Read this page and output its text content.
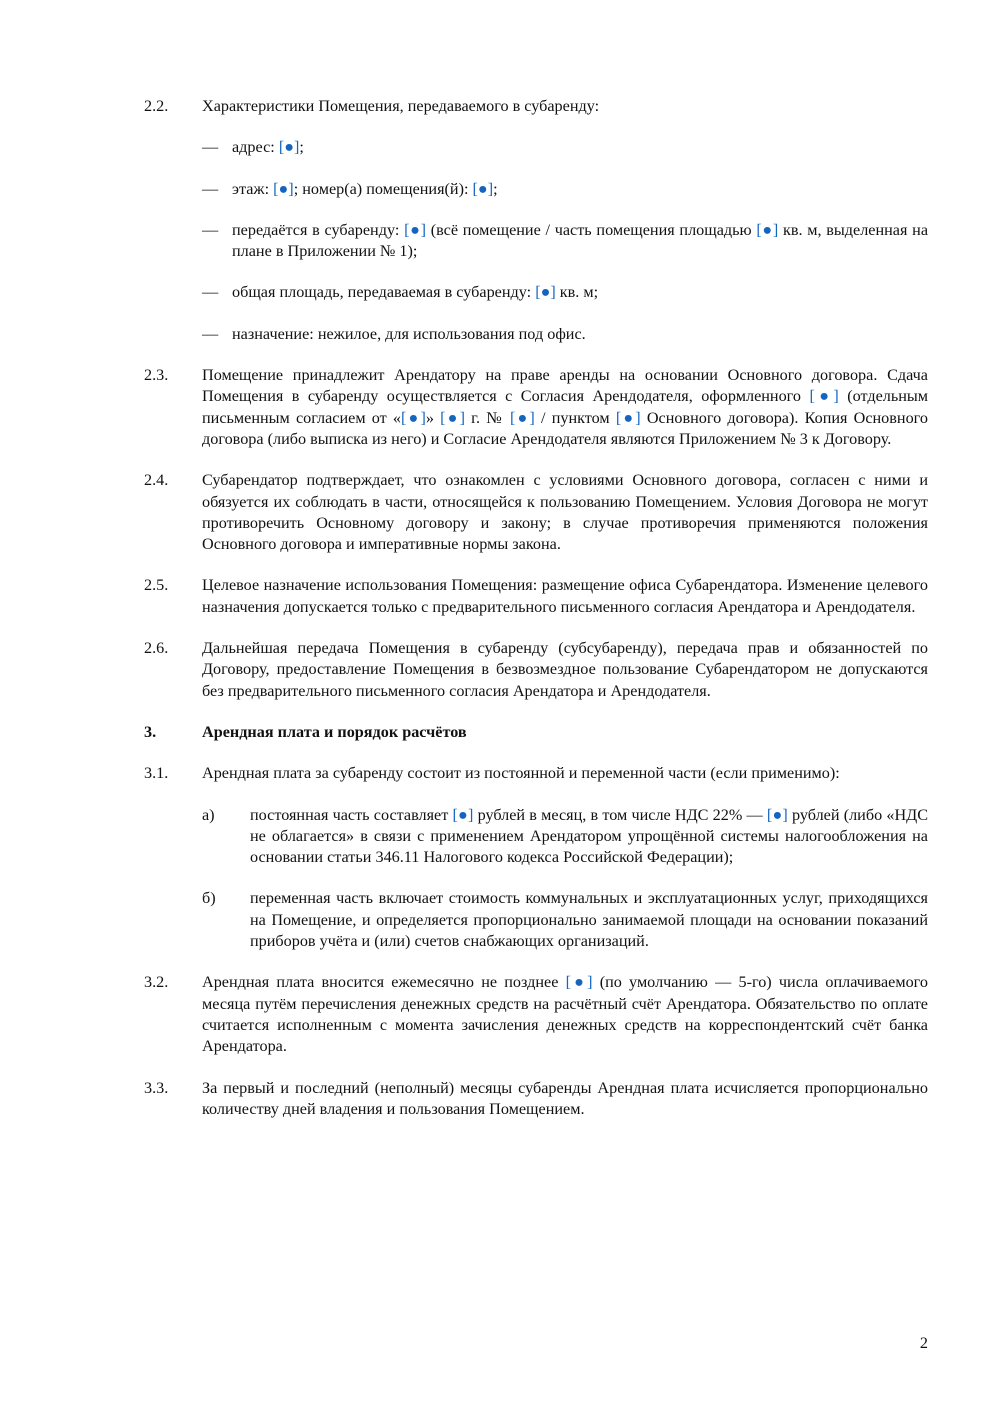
2.2.	Характеристики Помещения, передаваемого в субаренду:
— адрес: [●];
— этаж: [●]; номер(а) помещения(й): [●];
— передаётся в субаренду: [●] (всё помещение / часть помещения площадью [●] кв. м, выделенная на плане в Приложении № 1);
— общая площадь, передаваемая в субаренду: [●] кв. м;
— назначение: нежилое, для использования под офис.
2.3.	Помещение принадлежит Арендатору на праве аренды на основании Основного договора. Сдача Помещения в субаренду осуществляется с Согласия Арендодателя, оформленного [●] (отдельным письменным согласием от «[●]» [●] г. № [●] / пунктом [●] Основного договора). Копия Основного договора (либо выписка из него) и Согласие Арендодателя являются Приложением № 3 к Договору.
2.4.	Субарендатор подтверждает, что ознакомлен с условиями Основного договора, согласен с ними и обязуется их соблюдать в части, относящейся к пользованию Помещением. Условия Договора не могут противоречить Основному договору и закону; в случае противоречия применяются положения Основного договора и императивные нормы закона.
2.5.	Целевое назначение использования Помещения: размещение офиса Субарендатора. Изменение целевого назначения допускается только с предварительного письменного согласия Арендатора и Арендодателя.
2.6.	Дальнейшая передача Помещения в субаренду (субсубаренду), передача прав и обязанностей по Договору, предоставление Помещения в безвозмездное пользование Субарендатором не допускаются без предварительного письменного согласия Арендатора и Арендодателя.
3.	Арендная плата и порядок расчётов
3.1.	Арендная плата за субаренду состоит из постоянной и переменной части (если применимо):
а)	постоянная часть составляет [●] рублей в месяц, в том числе НДС 22% — [●] рублей (либо «НДС не облагается» в связи с применением Арендатором упрощённой системы налогообложения на основании статьи 346.11 Налогового кодекса Российской Федерации);
б)	переменная часть включает стоимость коммунальных и эксплуатационных услуг, приходящихся на Помещение, и определяется пропорционально занимаемой площади на основании показаний приборов учёта и (или) счетов снабжающих организаций.
3.2.	Арендная плата вносится ежемесячно не позднее [●] (по умолчанию — 5-го) числа оплачиваемого месяца путём перечисления денежных средств на расчётный счёт Арендатора. Обязательство по оплате считается исполненным с момента зачисления денежных средств на корреспондентский счёт банка Арендатора.
3.3.	За первый и последний (неполный) месяцы субаренды Арендная плата исчисляется пропорционально количеству дней владения и пользования Помещением.
2
